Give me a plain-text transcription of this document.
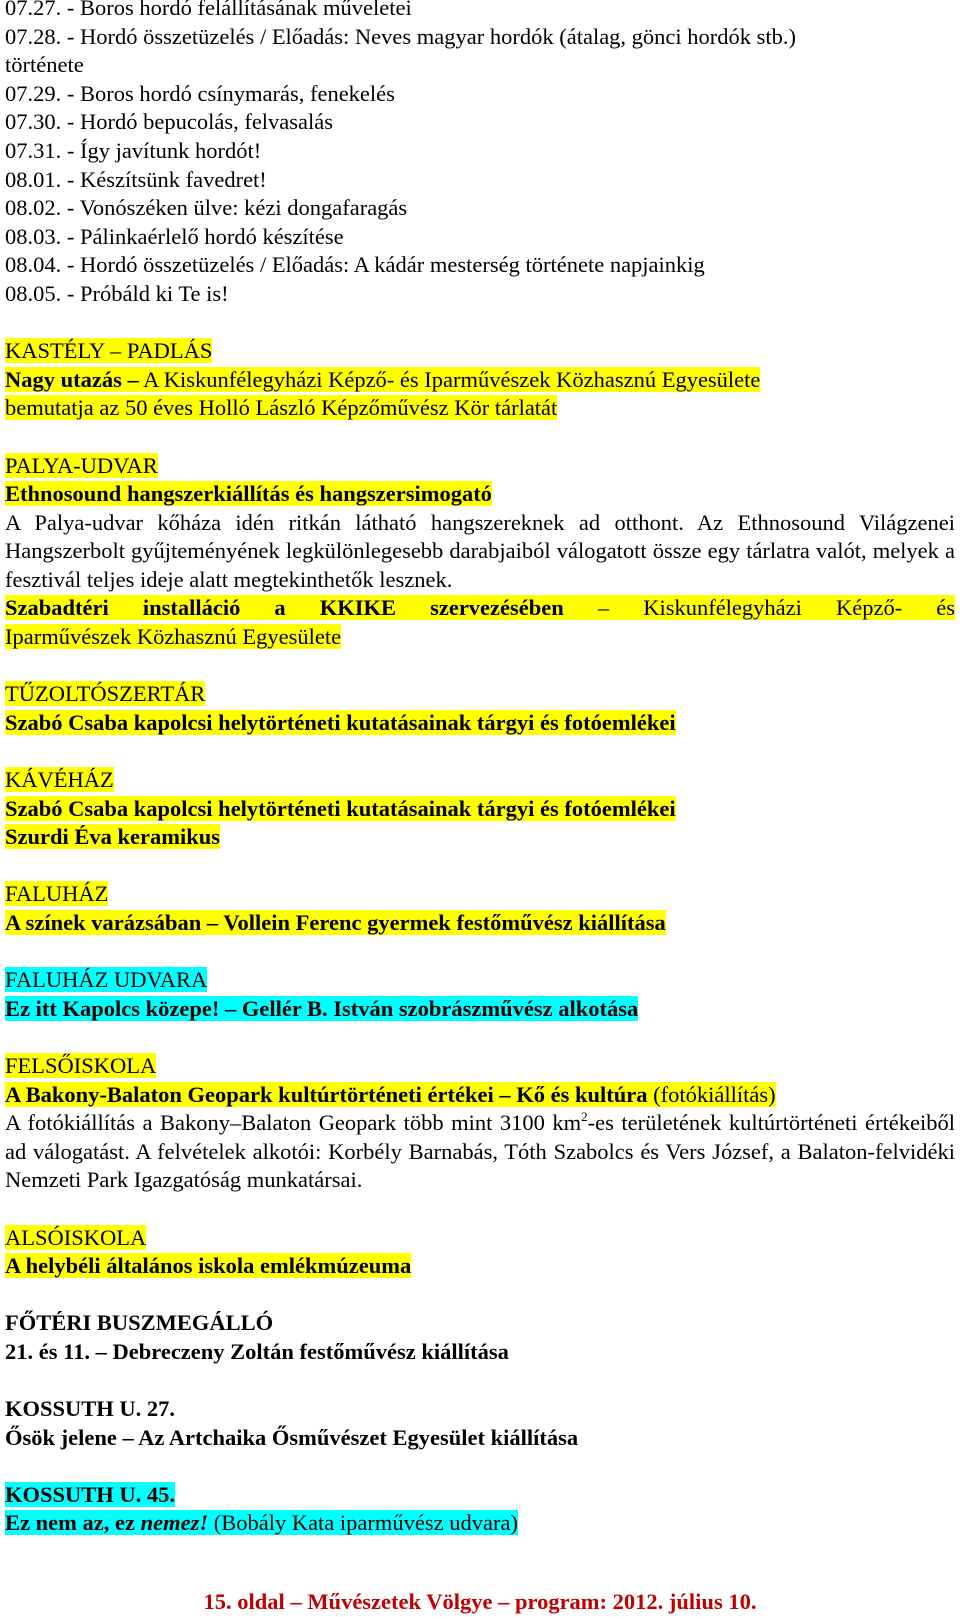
07.27. - Boros hordó felállításának műveletei
07.28. - Hordó összetüzelés / Előadás: Neves magyar hordók (átalag, gönci hordók stb.)
története
07.29. - Boros hordó csínymarás, fenekelés
07.30. - Hordó bepucolás, felvasalás
07.31. - Így javítunk hordót!
08.01. - Készítsünk favedret!
08.02. - Vonószéken ülve: kézi dongafaragás
08.03. - Pálinkaérlelő hordó készítése
08.04. - Hordó összetüzelés / Előadás: A kádár mesterség története napjainkig
08.05. - Próbáld ki Te is!
KASTÉLY – PADLÁS
Nagy utazás – A Kiskunfélegyházi Képző- és Iparművészek Közhasznú Egyesülete
bemutatja az 50 éves Holló László Képzőművész Kör tárlatát
PALYA-UDVAR
Ethnosound hangszerkiállítás és hangszersimogató
A Palya-udvar kőháza idén ritkán látható hangszereknek ad otthont. Az Ethnosound Világzenei Hangszerbolt gyűjteményének legkülönlegesebb darabjaiból válogatott össze egy tárlatra valót, melyek a fesztivál teljes ideje alatt megtekinthetők lesznek.
Szabadtéri installáció a KKIKE szervezésében – Kiskunfélegyházi Képző- és
Iparművészek Közhasznú Egyesülete
TŰZOLTÓSZERTÁR
Szabó Csaba kapolcsi helytörténeti kutatásainak tárgyi és fotóemlékei
KÁVÉHÁZ
Szabó Csaba kapolcsi helytörténeti kutatásainak tárgyi és fotóemlékei
Szurdi Éva keramikus
FALUHÁZ
A színek varázsában – Vollein Ferenc gyermek festőművész kiállítása
FALUHÁZ UDVARA
Ez itt Kapolcs közepe! – Gellér B. István szobrászművész alkotása
FELSŐISKOLA
A Bakony-Balaton Geopark kultúrtörténeti értékei – Kő és kultúra (fotókiállítás)
A fotókiállítás a Bakony–Balaton Geopark több mint 3100 $km^2-es$ területének kultúrtörténeti értékeiből ad válogatást. A felvételek alkotói: Korbély Barnabás, Tóth Szabolcs és Vers József, a Balaton-felvidéki Nemzeti Park Igazgatóság munkatársai.
ALSÓISKOLA
A helybéli általános iskola emlékmúzeuma
FŐTÉRI BUSZMEGÁLLÓ
21. és 11. – Debreczeny Zoltán festőművész kiállítása
KOSSUTH U. 27.
Ősök jelene – Az Artchaika Ősművészet Egyesület kiállítása
KOSSUTH U. 45.
Ez nem az, ez nemez! (Bobály Kata iparművész udvara)
15. oldal – Művészetek Völgye – program: 2012. július 10.
